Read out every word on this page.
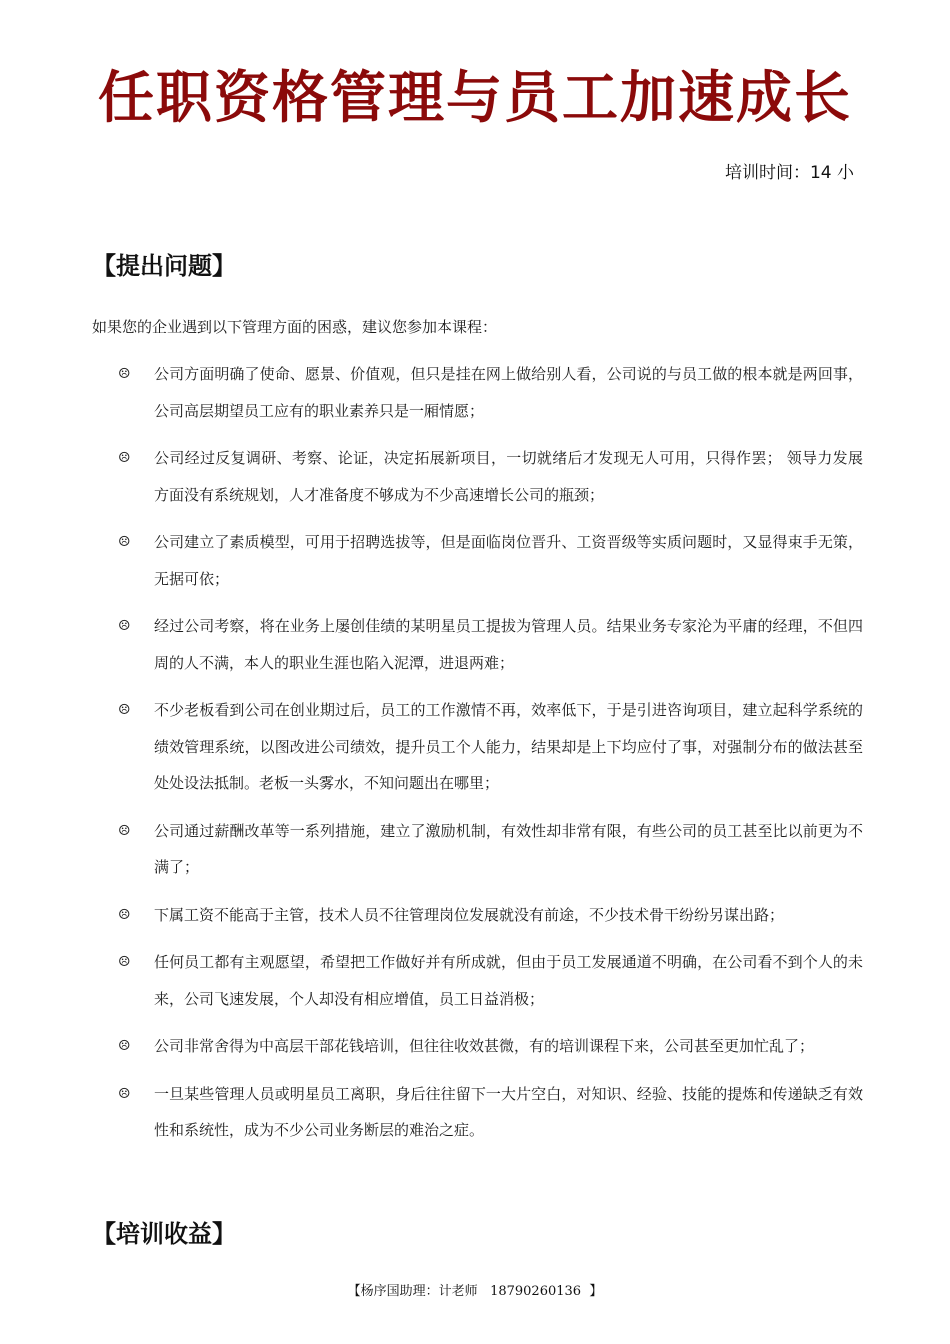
任职资格管理与员工加速成长
培训时间：14 小
【提出问题】
如果您的企业遇到以下管理方面的困惑，建议您参加本课程：
☹	公司方面明确了使命、愿景、价值观，但只是挂在网上做给别人看，公司说的与员工做的根本就是两回事，公司高层期望员工应有的职业素养只是一厢情愿；
☹	公司经过反复调研、考察、论证，决定拓展新项目，一切就绪后才发现无人可用，只得作罢； 领导力发展方面没有系统规划，人才准备度不够成为不少高速增长公司的瓶颈；
☹	公司建立了素质模型，可用于招聘选拔等，但是面临岗位晋升、工资晋级等实质问题时，又显得束手无策，无据可依；
☹	经过公司考察，将在业务上屡创佳绩的某明星员工提拔为管理人员。结果业务专家沦为平庸的经理，不但四周的人不满，本人的职业生涯也陷入泥潭，进退两难；
☹	不少老板看到公司在创业期过后，员工的工作激情不再，效率低下，于是引进咨询项目，建立起科学系统的绩效管理系统，以图改进公司绩效，提升员工个人能力，结果却是上下均应付了事，对强制分布的做法甚至处处设法抵制。老板一头雾水，不知问题出在哪里；
☹	公司通过薪酬改革等一系列措施，建立了激励机制，有效性却非常有限，有些公司的员工甚至比以前更为不满了；
☹	下属工资不能高于主管，技术人员不往管理岗位发展就没有前途，不少技术骨干纷纷另谋出路；
☹	任何员工都有主观愿望，希望把工作做好并有所成就，但由于员工发展通道不明确，在公司看不到个人的未来，公司飞速发展，个人却没有相应增值，员工日益消极；
☹	公司非常舍得为中高层干部花钱培训，但往往收效甚微，有的培训课程下来，公司甚至更加忙乱了；
☹	一旦某些管理人员或明星员工离职，身后往往留下一大片空白，对知识、经验、技能的提炼和传递缺乏有效性和系统性，成为不少公司业务断层的难治之症。
【培训收益】
【杨序国助理：计老师   18790260136  】
